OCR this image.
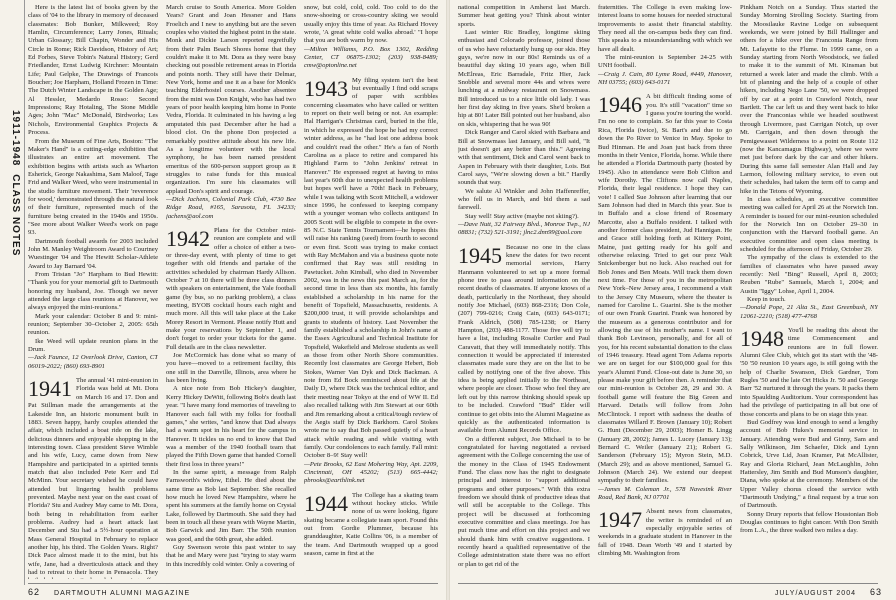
1911-1948CLASS NOTES

Here is the latest list of books given by the class of '04 to the library in memory of deceased classmates: Bob Bunker, Milkweed; Roy Hamlin, Circumference; Larry Jones, Rituals; Urban Glossary; Bill Chapin, Wonder and His Circle in Rome; Rick Davidson, History of Art; Ed Forbes, Steve Tobin's Natural History; Gerd Friedlander, Ernst Ludwig Kirchner: Mountain Life; Paul Gelpke, The Drawings of Francois Boucher; Joe Harpham, Holland Frozen in Time: The Dutch Winter Landscape in the Golden Age; Al Hessler, Medardo Rosso: Second Impressions; Ray Hotaling, The Stone Middle Ages; John "Mac" McDonald, Birdworks; Les Nichols, Environmental Graphics Projects & Process.

From the Museum of Fine Arts, Boston: "The Maker's Hand" is a cutting-edge exhibition that illustrates an entire art movement. The exhibition begins with artists such as Wharton Esherick, George Nakashima, Sam Maloof, Tage Frid and Walker Weed, who were instrumental in the studio furniture movement. Their 'reverence for wood,' demonstrated through the natural look of their furniture, represented much of the furniture being created in the 1940s and 1950s. "See more about Walker Weed's work on page 93.

Dartmouth football awards for 2003 included John M. Manley Weightroom Award to Courtney Wuestinger '04 and The Hewitt Scholar-Athlete Award to Jay Barnard '04.

From Tristan "Jo" Harpham to Bud Hewitt: "Thank you for your memorial gift to Dartmouth honoring my husband, Joe. Though we never attended the large class reunions at Hanover, we always enjoyed the mini-reunions."

Mark your calendar: October 8 and 9: mini-reunion; September 30–October 2, 2005: 65th reunion.

Ike Weed will update reunion plans in the Drum.

—Jack Faunce, 12 Overlook Drive, Canton, CT 06019-2022; (860) 693-8901

1941 The annual '41 mini-reunion in Florida was held at Mt. Dora on March 16 and 17. Don and Pat Stillman made the arrangements at the Lakeside Inn, an historic monument built in 1883. Seven happy, hardy couples attended the affair, which included a boat ride on the lake, delicious dinners and enjoyable shopping in the interesting town. Class president Steve Wimble and his wife, Lucy, came down from New Hampshire and participated in a spirited tennis match that also included Pete Kerr and Ed McMinn. Your secretary wished he could have attended but lingering health problems prevented. Maybe next year on the east coast of Florida? Stu and Audrey May came to Mt. Dora, both being in rehabilitation from earlier problems. Audrey had a heart attack last December and Stu had a 5½-hour operation at Mass General Hospital in February to replace another hip, his third. The Golden Years. Right? Dick Pace almost made it to the mini, but his wife, Jane, had a diverticulosis attack and they had to retreat to their home in Pensacola. They

March cruise to South America. More Golden Years? Grant and Joan Hessner and Hans Froelich and I new to anything but are the seven couples who visited the highest point in the state. Monk and Dickie Larson reported regretfully from their Palm Beach Shores home that they couldn't make it to Mt. Dora as they were busy checking out possible retirement areas in Florida and points north. They still have their Delmar, New York, home and use it as a base for Monk's teaching Elderhostel courses. Another absentee from the mini was Don Knight, who has had two years of poor health keeping him home in Ponte Vedra, Florida. It culminated in his having a leg amputated this past December after he had a blood clot. On the phone Don projected a remarkably positive attitude about his new life. As a longtime volunteer with the local symphony, he has been named president emeritus of the 600-person support group as it struggles to raise funds for this musical organization. I'm sure his classmates will applaud Don's spirit and courage.

—Dick Jachens, Colonial Park Club, 4730 Bee Ridge Road, #165, Sarasota, FL 34233; jachens@aol.com

1942 Plans for the October mini-reunion are complete and will offer a choice of either a two- or three-day event, with plenty of time to get together with old friends and partake of the activities scheduled by chairman Hardy Allison. October 7 at 10 there will be three class dinners with speakers on entertainment, the Yale football game (by bus, so no parking problem), a class meeting, BYOB cocktail hours each night and much more. All this will take place at the Lake Morey Resort in Vermont. Please notify Hutt and make your reservations by September 1, and don't forget to order your tickets for the game. Full details are in the class newsletter.

Joe McCormick has done what so many of you have—moved to a retirement facility, this one still in the Danville, Illinois, area where he has been living.

A nice note from Bob Hickey's daughter, Kerry Hickey DeWitt, following Bob's death last year. "I have many fond memories of traveling to Hanover each fall with my folks for football games," she writes, "and know that Dad always had a warm spot in his heart for the campus in Hanover. It tickles us no end to know that Dad was a member of the 1940 football team that played the Fifth Down game that handed Cornell their first loss in three years!"

In the same spirit, a message from Ralph Farnsworth's widow, Ethel. He died about the same time as Bob last September. She recalled how much he loved New Hampshire, where he spent his summers at the family home on Crystal Lake, followed by Dartmouth. She said they had been in touch all these years with Wayne Martin, Bob Garwick and Jim Barr. The 50th reunion was good, and the 60th great, she added.

Guy Swenson wrote this past winter to say that he and Mary were just "trying to stay warm in this incredibly cold winter. Only a covering of

snow, but cold, cold, cold. Too cold to do the snow-shoeing or cross-country skiing we would usually enjoy this time of year. As Richard Hovey wrote, 'A great white cold walks abroad.' "I hope that you are both warm by now.

—Milton Williams, P.O. Box 1302, Redding Center, CT 06875-1302; (203) 938-8489; cmw@optonline.net

1943 My filing system isn't the best but eventually I find odd scraps of paper with scribbles concerning classmates who have called or written to report on their well being or not. An example: Hal Harrigan's Christmas card, buried in the file, in which he expressed the hope he had my correct winter address, as he "had lost one address book and couldn't read the other." He's a fan of North Carolina as a place to retire and compared his Highland Farm to "John Jenkins' retreat in Hanover." He expressed regret at having to miss last year's 60th due to unexpected health problems but hopes we'll have a 70th! Back in February, while I was talking with Scott Mitchell, a widower since 1996, he confessed to keeping company with a younger woman who collects antiques! In 2005 Scott will be eligible to compete in the over-85 N.C. State Tennis Tournament—he hopes this will raise his ranking (seed) from fourth to second or even first. Scott was trying to make contact with Ray McMahon and via a business quote note confirmed that Ray was still residing in Pawtucket. John Kimball, who died in November 2002, was in the news this past March as, for the second time in less than six months, his family established a scholarship in his name for the benefit of Topsfield, Massachusetts, residents. A $200,000 trust, it will provide scholarships and grants to students of history. Last November the family established a scholarship in John's name at the Essex Agricultural and Technical Institute for Topsfield, Wakefield and Melrose students as well as those from other North Shore communities. Recently lost classmates are George Hebert, Bob Stokes, Warner Van Dyk and Dick Backman. A note from Ed Bock reminisced about life at the Daily D, where Dick was the technical editor, and their meeting near Tokyo at the end of WW II. Ed also recalled talking with Jim Stewart at our 60th and Jim remarking about a critical/tough review of the Aegis staff by Dick Barkhorn. Carol Stokes wrote me to say that Bob passed quietly of a heart attack while reading and while visiting with family. Our condolences to each family. Fall mini: October 8–9! Stay well!

—Pete Brooks, 62 East Mohering Way, Apt. 2209, Cincinnati, OH 45202; (513) 665-4442; pbrooks@earthlink.net

1944 The College has a skating team without hockey sticks. While none of us were looking, figure skating became a collegiate team sport. Found this out from Gordie Plummer, because his granddaughter, Katie Collins '06, is a member of the team. And Dartmouth wrapped up a good season, came in first at the

62 DARTMOUTH ALUMNI MAGAZINE

national competition in Amherst last March. Summer heat getting you? Think about winter sports.

Last winter Ric Bradley, longtime skiing enthusiast and Colorado professor, joined those of us who have reluctantly hung up our skis. Hey guys, we're now in our 80s! Reminds us of a beautiful day skiing 10 years ago, when Bill McElreas, Eric Barradale, Fritz Hier, Jack Snobble and several more 44s and wives were lunching at a midway restaurant on Snowmass. Bill introduced us to a nice little old lady. I was her first day skiing in five years. She'd broken a hip at 80! Later Bill pointed out her husband, also on skis, whispering that he was 90!

Dick Ranger and Carol skied with Barbara and Bill at Snowmass last January, and Bill said, "It just doesn't get any better than this." Agreeing with that sentiment, Dick and Carol went back to Aspen in February with their daughter, Lois. But Carol says, "We're slowing down a bit." Hardly sounds that way.

We salute Al Winkler and John Haffenreffer, who fell us in March, and bid them a sad farewell.

Stay well! Stay active (maybe not skiing?).

—Dave Nutt, 32 Fairway Blvd., Monroe Twp., NJ 08831; (732) 521-3191; jlnc2.dnn99@aol.com

1945 Because no one in the class knew the dates for two recent memorial services, Harry Hanmann volunteered to set up a more formal phone tree to pass around information on the recent deaths of classmates. If anyone knows of a death, particularly in the Northeast, they should notify Joe Michael, (603) 868-2316; Don Cole, (207) 799-0216; Craig Cain, (603) 643-0171; Frank Aldrich, (508) 785-1238; or Harry Hampton, (203) 488-1177. Those five will try to have a list, including Rosalie Curtler and Paul Caravatt, that they will immediately notify. This connection it would be appreciated if interested classmates made sure they are on the list to be called by notifying one of the five above. This idea is being applied initially to the Northeast, where people are closer. Those who feel they are left out by this narrow thinking should speak up to be included. Crawford "Bud" Elder will continue to get obits into the Alumni Magazine as quickly as the authenticated information is available from Alumni Records Office.

On a different subject, Joe Michael is to be congratulated for having negotiated a revised agreement with the College concerning the use of the money in the Class of 1945 Endowment Fund. The class now has the right to designate principal and interest to "support additional programs and other purposes." With this extra freedom we should think of productive ideas that will still be acceptable to the College. This project will be discussed at forthcoming executive committee and class meetings. Joe has put much time and effort on this project and we should thank him with creative suggestions. I recently heard a qualified representative of the College administration state there was no effort or plan to get rid of the

fraternities. The College is even making low-interest loans to some houses for needed structural improvements to assist their financial stability. They need all the on-campus beds they can find. This speaks to a misunderstanding with which we have all dealt.

The mini-reunion is September 24-25 with UNH football.

—Craig J. Cain, 80 Lyme Road, #449, Hanover, NH 03755; (603) 643-0171

1946 A bit difficult finding some of you. It's still "vacation" time so I guess you're touring the world. I'm no one to complain. So far this year to Costa Rica, Florida (twice), St. Bart's and due to go down the Po River to Venice in May. Spoke to Bud Hinman. He and Joan just back from three months in their Venice, Florida, home. While there he attended a Florida Dartmouth party (hosted by 1945). Also in attendance were Bob Clifton and wife Dorothy. The Cliftons now call Naples, Florida, their legal residence. I hope they can vote! I called Sue Johnson after learning that our Sam Johnson had died in March this year. Sue is in Buffalo and a close friend of Rosemary Marcotte, also a Buffalo resident. I talked with another former class president, Jud Hannigan. He and Grace still holding forth at Kittery Point, Maine, just getting ready for his golf and otherwise relaxing. Tried to get our prez Walt Snickenberger but no luck. Also reached out for Bob Jones and Ben Moats. Will track them down next time. For those of you in the metropolitan New York–New Jersey area, I recommend a visit to the Jersey City Museum, where the theater is named for Caroline L. Guarini. She is the mother of our own Frank Guarini. Frank was honored by the museum as a generous contributor and for allowing the use of his mother's name. I want to thank Bob Levinson, personally, and for all of you, for his recent substantial donation to the class of 1946 treasury. Head agent Tom Adams reports we are on target for our $100,000 goal for this year's Alumni Fund. Close-out date is June 30, so please make your gift before then. A reminder that our mini-reunion is October 28, 29 and 30. A football game will feature the Big Green and Harvard. Details will follow from John McClintock. I report with sadness the deaths of classmates Willard F. Brown (January 10); Robert G. Hunt (December 29, 2003); Homer B. Lingg (January 28, 2002); James L. Lucey (January 13); Bernard C. Weiler (January 21); Robert G. Sanderson (February 15); Myron Stein, M.D. (March 29); and as above mentioned, Samuel G. Johnson (March 24). We extend our deepest sympathy to their families.

—James M. Coleman Jr., 578 Navesink River Road, Red Bank, NJ 07701

1947 Absent news from classmates, the writer is reminded of an especially enjoyable series of weekends in a graduate student in Hanover in the fall of 1948. Dean Worth '49 and I started by climbing Mt. Washington from

Pinkham Notch on a Sunday. Thus started the Sunday Morning Strolling Society. Starting from the Moosilauke Ravine Lodge on subsequent weekends, we were joined by Bill Hallinger and others for a hike over the Franconia Range from Mt. Lafayette to the Flume. In 1999 came, on a Sunday starting from North Woodstock, we failed to make it to the summit of Mt. Kinsman but returned a week later and made the climb. With a bit of planning and the help of a couple of other hikers, including Nego Lane '50, we were dropped off by car at a point in Crawford Notch, near Bartlett. The car left us and they went back to hike over the Franconias while we headed southwest through Livermore, past Carrigan Notch, up over Mt. Carrigain, and then down through the Pemigewasset Wilderness to a point on Route 112 (now the Kancamagus Highway), where we were met just before dark by the car and other hikers. During this same fall semester Alan Hall and Jay Larmon, following military service, to even out their schedules, had taken the term off to camp and hike in the Tetons of Wyoming.

In class schedules, an executive committee meeting was called for April 26 at the Norwich Inn. A reminder is issued for our mini-reunion scheduled for the Norwich Inn on October 29–30 in conjunction with the Harvard football game. An executive committee and open class meeting is scheduled for the afternoon of Friday, October 29.

The sympathy of the class is extended to the families of classmates who have passed away recently: Neil "Bing" Russell, April 8, 2003; Reuben "Rube" Samuels, March 1, 2004; and Austin "Iggy" Lohse, April 1, 2004.

Keep in touch.

—Donald Pope, 21 Alta St., East Greenbush, NY 12061-2210; (518) 477-4768

1948 You'll be reading this about the time Commencement and reunions are in full flower. Alumni Glee Club, which got its start with the '48-'50 '50 reunion 10 years ago, is still going with the help of Charlie Swanson, Dick Gardner, Tom Rugles '50 and the late Ort Hicks Jr. '50 and George Barr '52 nurtured it through the years. It packs them into Spaulding Auditorium. Your correspondent has had the privilege of participating in all but one of those concerts and plans to be on stage this year.

Bud Godfrey was kind enough to send a lengthy account of Bob Hukes's memorial service in January. Attending were Bud and Ginny, Sam and Sally Wilkinson, Jim Schaefer, Dick and Lynn Cobrick, Urve Lid, Joan Kramer, Pat McAllister, Ray and Gloria Richard, Jean McLaughlin, John Hattersley, Jim Smith and Bud Munson's daughter, Diana, who spoke at the ceremony. Members of the Upper Valley chorus closed the service with "Dartmouth Undying," a final request by a true son of Dartmouth.

Sonny Drury reports that fellow Houstonian Bob Douglas continues to fight cancer. With Don Smith from L.A., the three walked two miles a day.

JULY/AUGUST 2004 63
